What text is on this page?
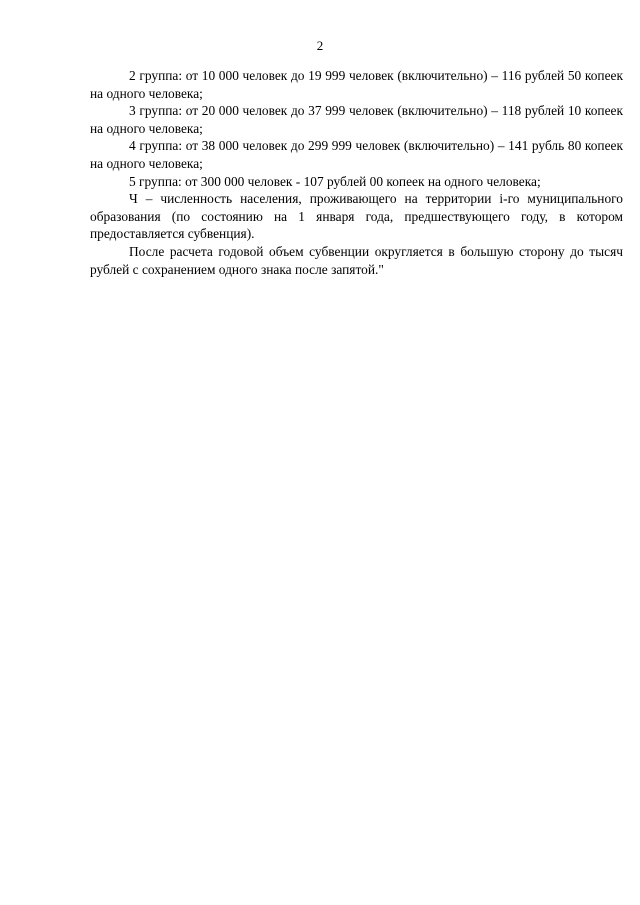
2

2 группа: от 10 000 человек до 19 999 человек (включительно) – 116 рублей 50 копеек на одного человека;

3 группа: от 20 000 человек до 37 999 человек (включительно) – 118 рублей 10 копеек на одного человека;

4 группа: от 38 000 человек до 299 999 человек (включительно) – 141 рубль 80 копеек на одного человека;

5 группа: от 300 000 человек - 107 рублей 00 копеек на одного человека;

Ч – численность населения, проживающего на территории i-го муниципального образования (по состоянию на 1 января года, предшествующего году, в котором предоставляется субвенция).

После расчета годовой объем субвенции округляется в большую сторону до тысяч рублей с сохранением одного знака после запятой."
